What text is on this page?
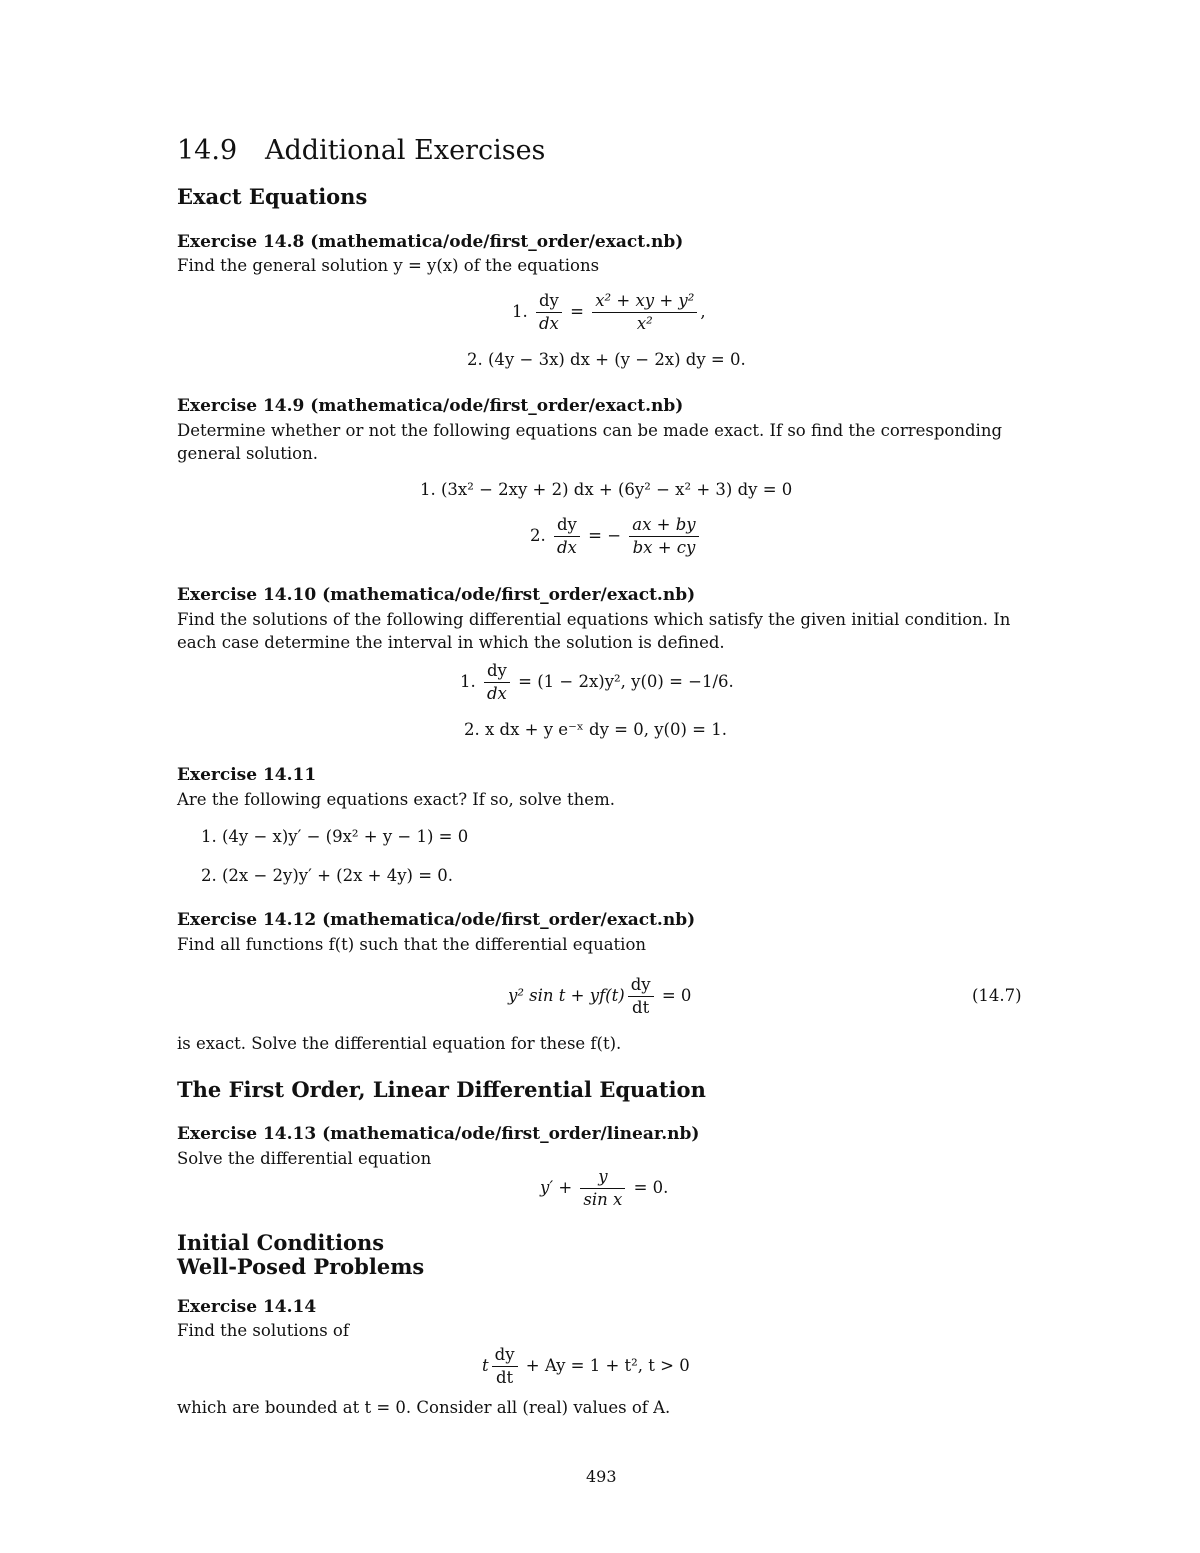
14.9 Additional Exercises
Exact Equations
Exercise 14.8 (mathematica/ode/first_order/exact.nb)
Find the general solution y = y(x) of the equations
1. $\frac{dy}{dx} = \frac{\text{x² + xy + y²}}{\text{x²}}$ ,
2. (4y − 3x) dx + (y − 2x) dy = 0.
Exercise 14.9 (mathematica/ode/first_order/exact.nb)
Determine whether or not the following equations can be made exact. If so find the corresponding general solution.
1. (3x² − 2xy + 2) dx + (6y² − x² + 3) dy = 0
2. $\frac{dy}{dx}$ = − $\frac{ax + by}{bx + cy}$
Exercise 14.10 (mathematica/ode/first_order/exact.nb)
Find the solutions of the following differential equations which satisfy the given initial condition. In each case determine the interval in which the solution is defined.
1. $\frac{dy}{dx} = (1 - 2x)y^2$, y(0) = −1/6.
2. x dx + y e⁻ˣ dy = 0, y(0) = 1.
Exercise 14.11
Are the following equations exact? If so, solve them.
1. (4y − x)y′ − (9x² + y − 1) = 0
2. (2x − 2y)y′ + (2x + 4y) = 0.
Exercise 14.12 (mathematica/ode/first_order/exact.nb)
Find all functions f(t) such that the differential equation
y² $\sin t + yf(t) \frac{dy}{dt} = 0$	(14.7)
is exact. Solve the differential equation for these f(t).
The First Order, Linear Differential Equation
Exercise 14.13 (mathematica/ode/first_order/linear.nb)
Solve the differential equation
$y' + \frac{y}{\text{sin x}} = 0$.
Initial Conditions
Well-Posed Problems
Exercise 14.14
Find the solutions of
t $\frac{dy}{dt} + Ay = 1 + t^2$, t > 0
which are bounded at t = 0. Consider all (real) values of A.
493
